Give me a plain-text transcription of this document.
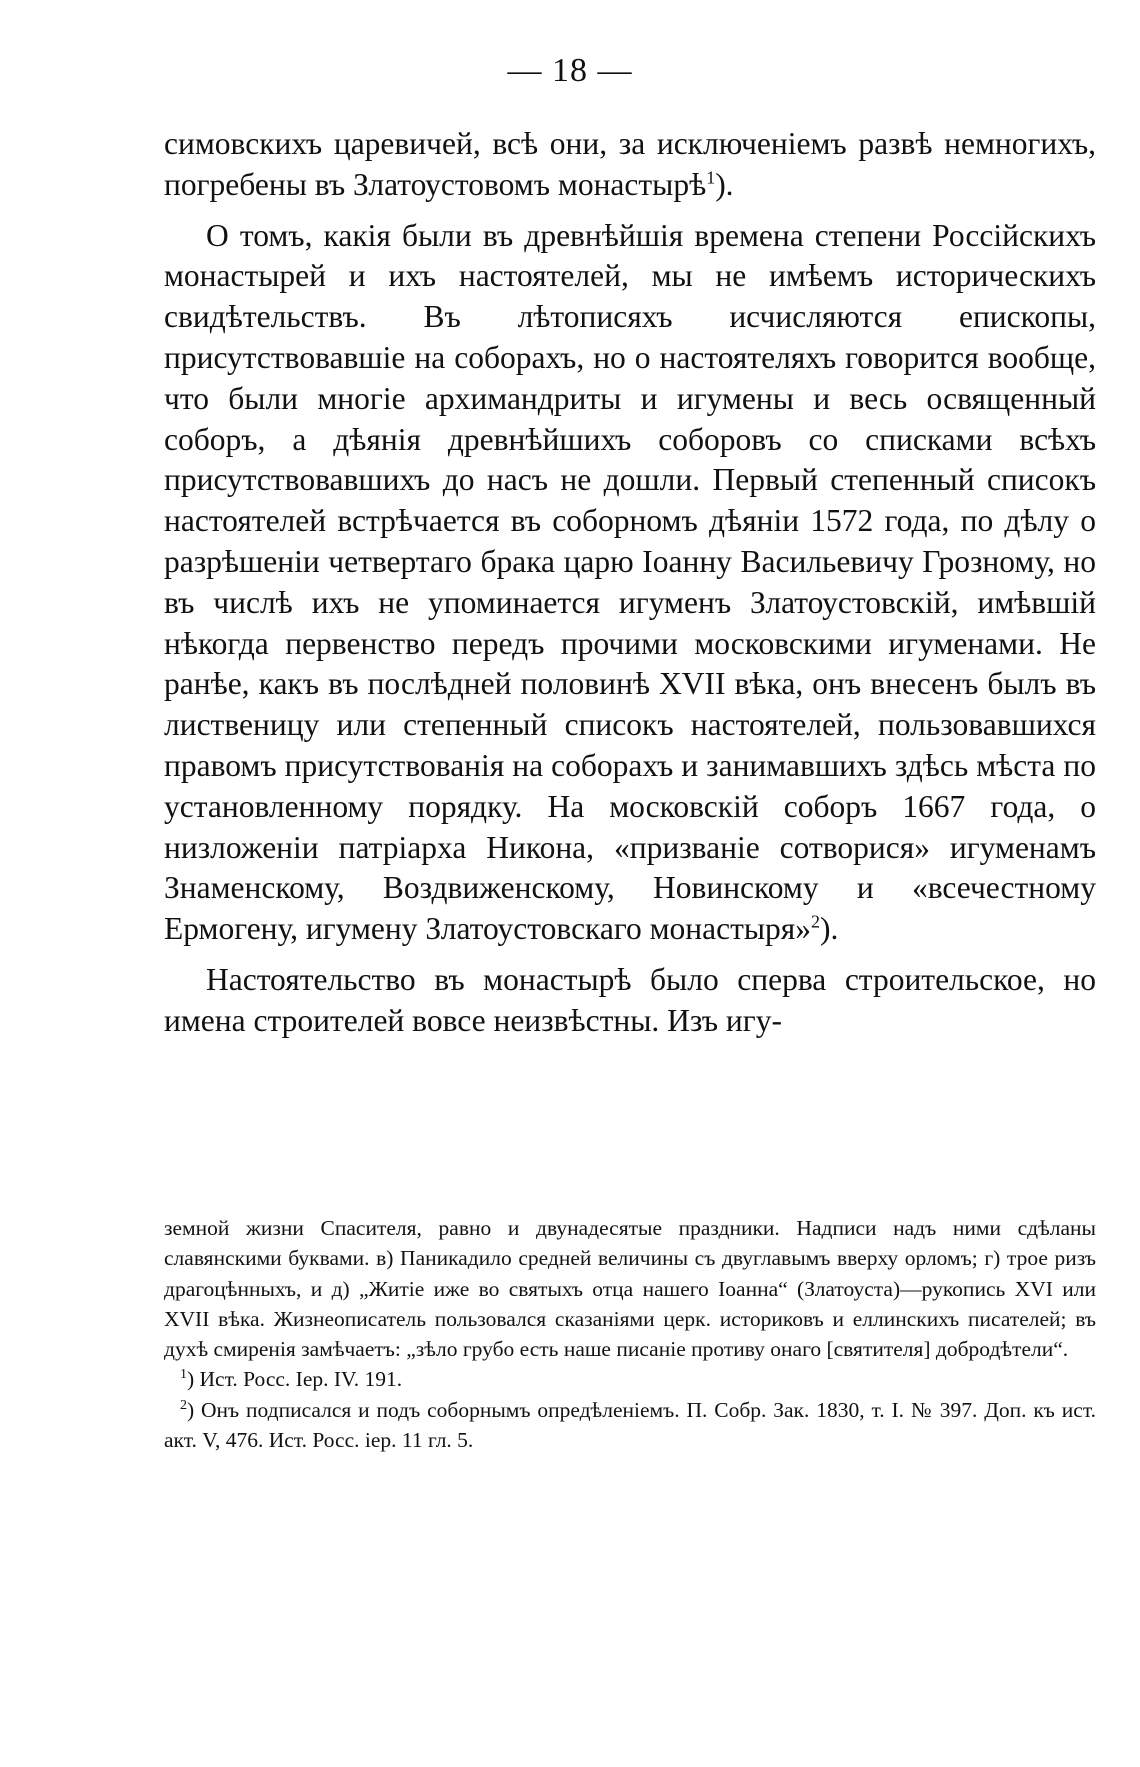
— 18 —

симовскихъ царевичей, всѣ они, за исключеніемъ развѣ немногихъ, погребены въ Златоустовомъ монастырѣ$^1$).

О томъ, какія были въ древнѣйшія времена степени Россійскихъ монастырей и ихъ настоятелей, мы не имѣемъ историческихъ свидѣтельствъ. Въ лѣтописяхъ исчисляются епископы, присутствовавшіе на соборахъ, но о настоятеляхъ говорится вообще, что были многіе архимандриты и игумены и весь освященный соборъ, а дѣянія древнѣйшихъ соборовъ со списками всѣхъ присутствовавшихъ до насъ не дошли. Первый степенный списокъ настоятелей встрѣчается въ соборномъ дѣяніи 1572 года, по дѣлу о разрѣшеніи четвертаго брака царю Іоанну Васильевичу Грозному, но въ числѣ ихъ не упоминается игуменъ Златоустовскій, имѣвшій нѣкогда первенство передъ прочими московскими игуменами. Не ранѣе, какъ въ послѣдней половинѣ XVII вѣка, онъ внесенъ былъ въ лиственицу или степенный списокъ настоятелей, пользовавшихся правомъ присутствованія на соборахъ и занимавшихъ здѣсь мѣста по установленному порядку. На московскій соборъ 1667 года, о низложеніи патріарха Никона, «призваніе сотворися» игуменамъ Знаменскому, Воздвиженскому, Новинскому и «всечестному Ермогену, игумену Златоустовскаго монастыря»$^2$).

Настоятельство въ монастырѣ было сперва строительское, но имена строителей вовсе неизвѣстны. Изъ игу-

земной жизни Спасителя, равно и двунадесятые праздники. Надписи надъ ними сдѣланы славянскими буквами. в) Паникадило средней величины съ двуглавымъ вверху орломъ; г) трое ризъ драгоцѣнныхъ, и д) „Житіе иже во святыхъ отца нашего Іоанна“ (Златоуста)—рукопись XVI или XVII вѣка. Жизнеописатель пользовался сказаніями церк. историковъ и еллинскихъ писателей; въ духѣ смиренія замѣчаетъ: „зѣло грубо есть наше писаніе противу онаго [святителя] добродѣтели“.

$^1$) Ист. Росс. Іер. IV. 191.

$^2$) Онъ подписался и подъ соборнымъ опредѣленіемъ. П. Собр. Зак. 1830, т. I. № 397. Доп. къ ист. акт. V, 476. Ист. Росс. іер. 11 гл. 5.
